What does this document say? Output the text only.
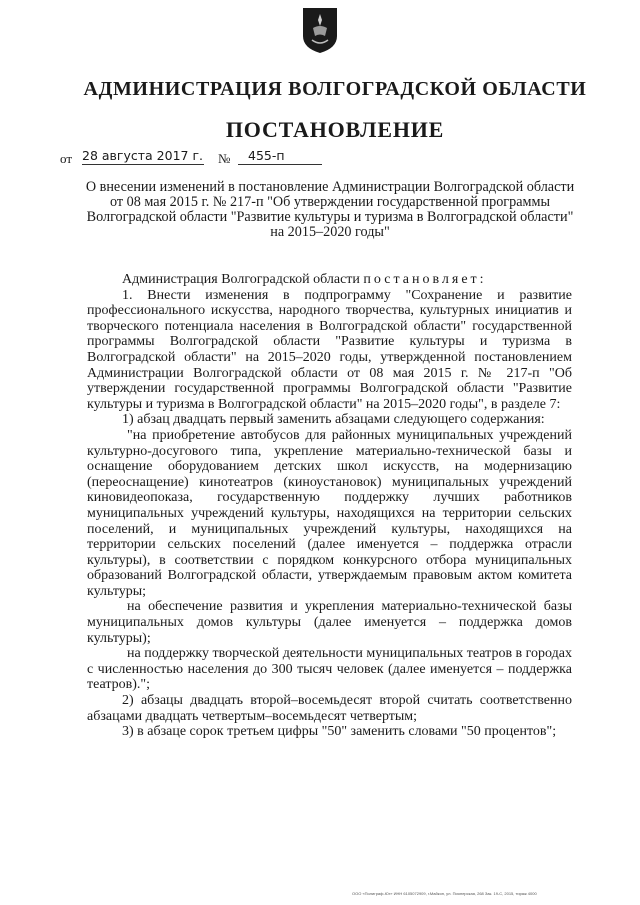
АДМИНИСТРАЦИЯ ВОЛГОГРАДСКОЙ ОБЛАСТИ
ПОСТАНОВЛЕНИЕ
от 28 августа 2017 г. №	455-п
О внесении изменений в постановление Администрации Волгоградской области от 08 мая 2015 г. № 217-п "Об утверждении государственной программы Волгоградской области "Развитие культуры и туризма в Волгоградской области" на 2015–2020 годы"

Администрация Волгоградской области постановляет:

1. Внести изменения в подпрограмму "Сохранение и развитие профессионального искусства, народного творчества, культурных инициатив и творческого потенциала населения в Волгоградской области" государственной программы Волгоградской области "Развитие культуры и туризма в Волгоградской области" на 2015–2020 годы, утвержденной постановлением Администрации Волгоградской области от 08 мая 2015 г. № 217-п "Об утверждении государственной программы Волгоградской области "Развитие культуры и туризма в Волгоградской области" на 2015–2020 годы", в разделе 7:

1) абзац двадцать первый заменить абзацами следующего содержания:

"на приобретение автобусов для районных муниципальных учреждений культурно-досугового типа, укрепление материально-технической базы и оснащение оборудованием детских школ искусств, на модернизацию (переоснащение) кинотеатров (киноустановок) муниципальных учреждений киновидеопоказа, государственную поддержку лучших работников муниципальных учреждений культуры, находящихся на территории сельских поселений, и муниципальных учреждений культуры, находящихся на территории сельских поселений (далее именуется – поддержка отрасли культуры), в соответствии с порядком конкурсного отбора муниципальных образований Волгоградской области, утверждаемым правовым актом комитета культуры;

на обеспечение развития и укрепления материально-технической базы муниципальных домов культуры (далее именуется – поддержка домов культуры);

на поддержку творческой деятельности муниципальных театров в городах с численностью населения до 300 тысяч человек (далее именуется – поддержка театров).";

2) абзацы двадцать второй–восемьдесят второй считать соответственно абзацами двадцать четвертым–восемьдесят четвертым;

3) в абзаце сорок третьем цифры "50" заменить словами "50 процентов";

ООО «Полиграф-Юг» ИНН 6105072909, г.Майкоп, ул. Пионерская, 268 Зак. 19-С, 2015, тираж 4000
